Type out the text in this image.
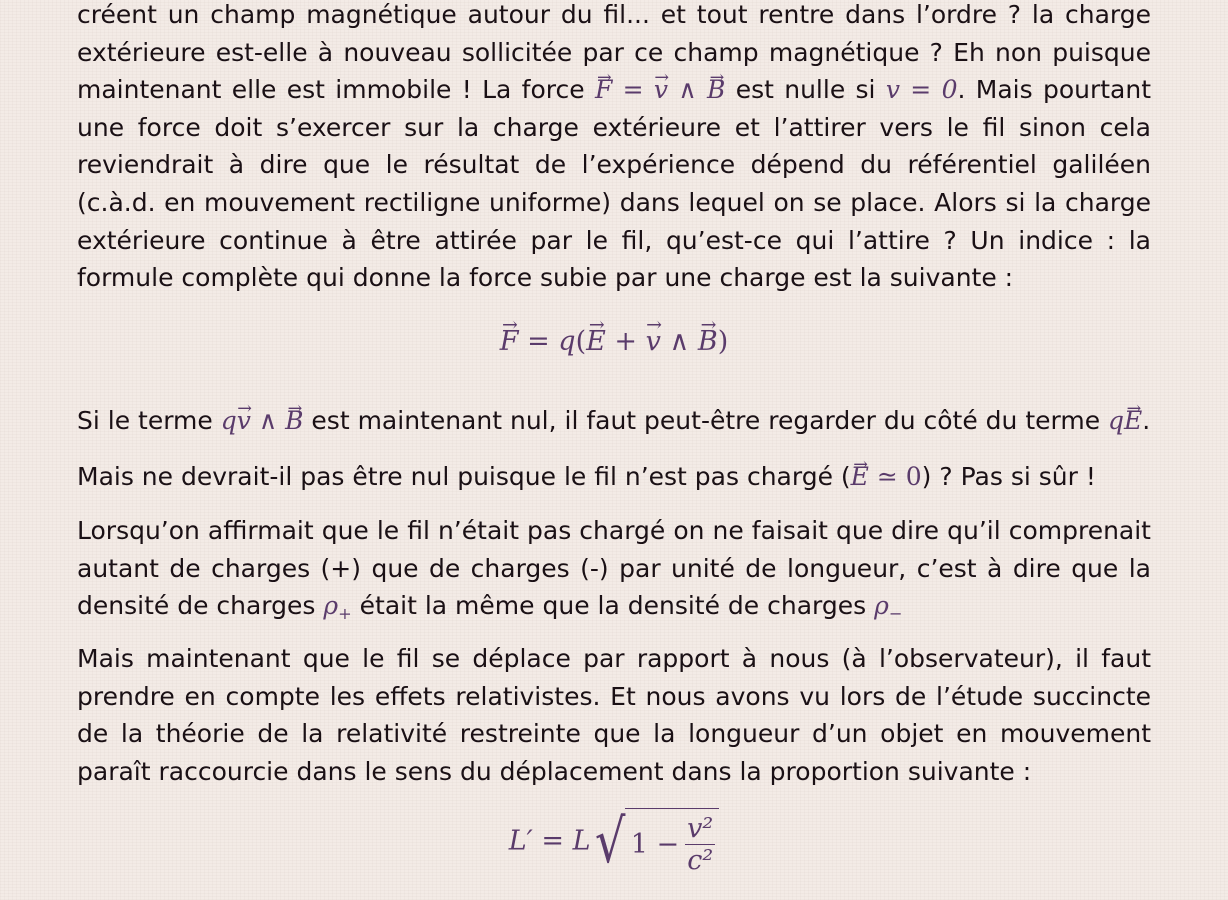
créent un champ magnétique autour du fil... et tout rentre dans l’ordre ? la charge extérieure est-elle à nouveau sollicitée par ce champ magnétique ? Eh non puisque maintenant elle est immobile ! La force → F = → v ∧ → B est nulle si v = 0. Mais pourtant une force doit s’exercer sur la charge extérieure et l’attirer vers le fil sinon cela reviendrait à dire que le résultat de l’expérience dépend du référentiel galiléen (c.à.d. en mouvement rectiligne uniforme) dans lequel on se place. Alors si la charge extérieure continue à être attirée par le fil, qu’est-ce qui l’attire ? Un indice : la formule complète qui donne la force subie par une charge est la suivante :

→ F = q(→ E + → v ∧ → B)

Si le terme q→ v ∧ → B est maintenant nul, il faut peut-être regarder du côté du terme q→ E.

Mais ne devrait-il pas être nul puisque le fil n’est pas chargé (→ E ≃ 0) ? Pas si sûr !

Lorsqu’on affirmait que le fil n’était pas chargé on ne faisait que dire qu’il comprenait autant de charges (+) que de charges (-) par unité de longueur, c’est à dire que la densité de charges $\rho_+$ était la même que la densité de charges $\rho_-$

Mais maintenant que le fil se déplace par rapport à nous (à l’observateur), il faut prendre en compte les effets relativistes. Et nous avons vu lors de l’étude succincte de la théorie de la relativité restreinte que la longueur d’un objet en mouvement paraît raccourcie dans le sens du déplacement dans la proportion suivante :

L′ = L √ $1 - \frac{\text{v²}}{\text{c²}}$
